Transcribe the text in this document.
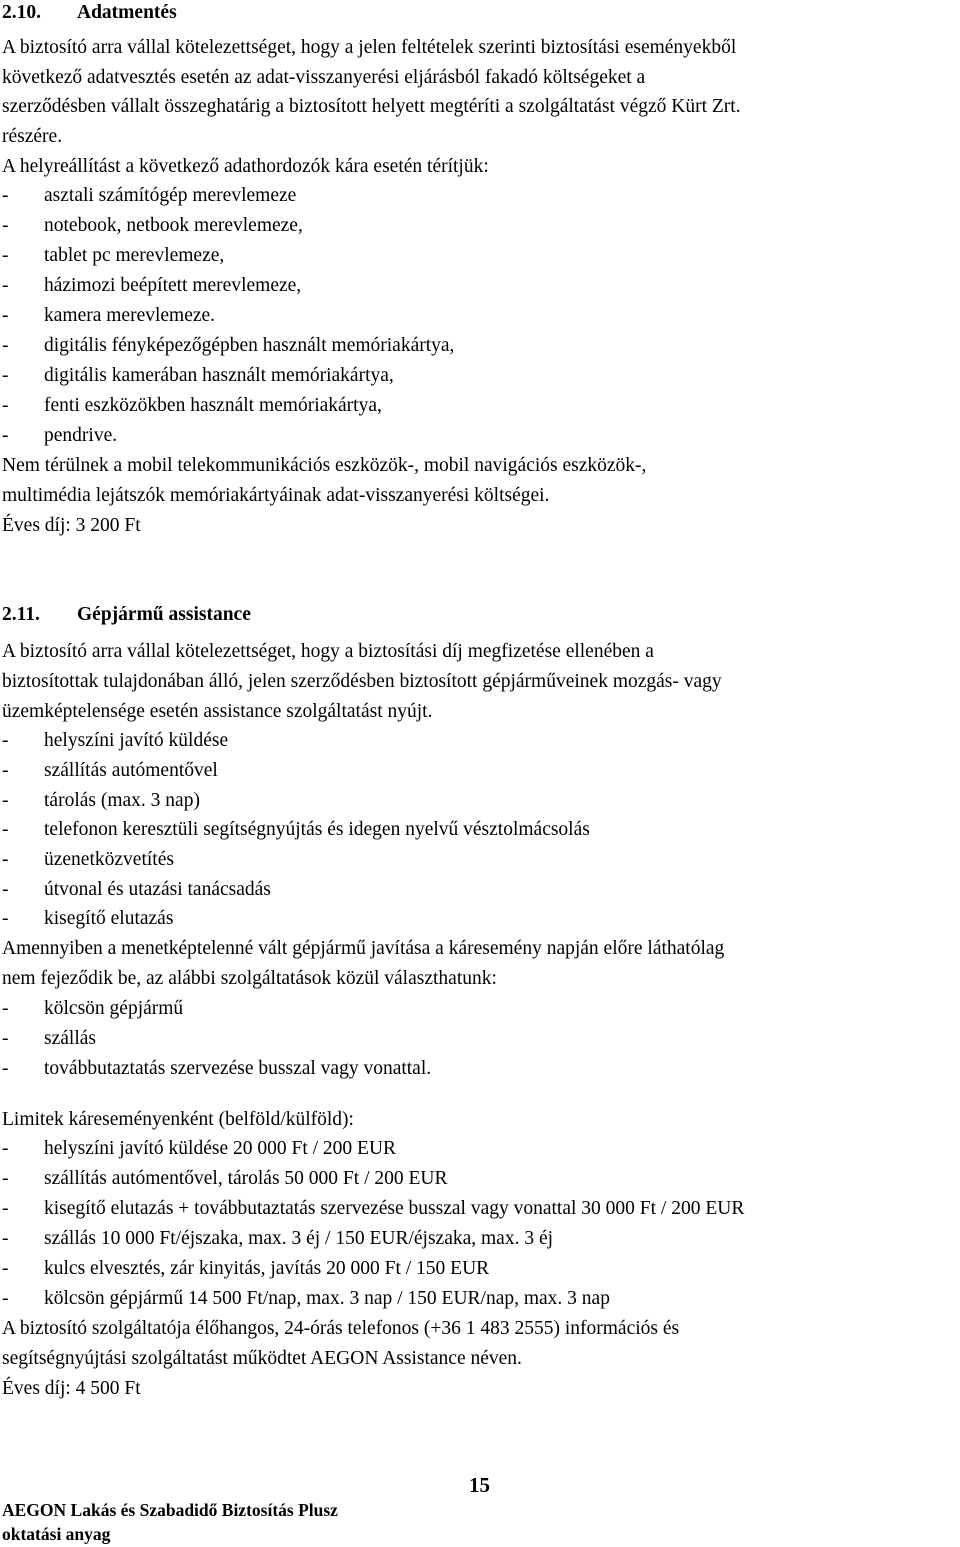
2.10. Adatmentés
A biztosító arra vállal kötelezettséget, hogy a jelen feltételek szerinti biztosítási eseményekből
következő adatvesztés esetén az adat-visszanyerési eljárásból fakadó költségeket a
szerződésben vállalt összeghatárig a biztosított helyett megtéríti a szolgáltatást végző Kürt Zrt.
részére.
A helyreállítást a következő adathordozók kára esetén térítjük:
- asztali számítógép merevlemeze
- notebook, netbook merevlemeze,
- tablet pc merevlemeze,
- házimozi beépített merevlemeze,
- kamera merevlemeze.
- digitális fényképezőgépben használt memóriakártya,
- digitális kamerában használt memóriakártya,
- fenti eszközökben használt memóriakártya,
- pendrive.
Nem térülnek a mobil telekommunikációs eszközök-, mobil navigációs eszközök-,
multimédia lejátszók memóriakártyáinak adat-visszanyerési költségei.
Éves díj: 3 200 Ft
2.11. Gépjármű assistance
A biztosító arra vállal kötelezettséget, hogy a biztosítási díj megfizetése ellenében a
biztosítottak tulajdonában álló, jelen szerződésben biztosított gépjárműveinek mozgás- vagy
üzemképtelensége esetén assistance szolgáltatást nyújt.
- helyszíni javító küldése
- szállítás autómentővel
- tárolás (max. 3 nap)
- telefonon keresztüli segítségnyújtás és idegen nyelvű vésztolmácsolás
- üzenetközvetítés
- útvonal és utazási tanácsadás
- kisegítő elutazás
Amennyiben a menetképtelenné vált gépjármű javítása a káresemény napján előre láthatólag
nem fejeződik be, az alábbi szolgáltatások közül választhatunk:
- kölcsön gépjármű
- szállás
- továbbutaztatás szervezése busszal vagy vonattal.
Limitek káreseményenként (belföld/külföld):
- helyszíni javító küldése 20 000 Ft / 200 EUR
- szállítás autómentővel, tárolás 50 000 Ft / 200 EUR
- kisegítő elutazás + továbbutaztatás szervezése busszal vagy vonattal 30 000 Ft / 200 EUR
- szállás 10 000 Ft/éjszaka, max. 3 éj / 150 EUR/éjszaka, max. 3 éj
- kulcs elvesztés, zár kinyitás, javítás 20 000 Ft / 150 EUR
- kölcsön gépjármű 14 500 Ft/nap, max. 3 nap / 150 EUR/nap, max. 3 nap
A biztosító szolgáltatója élőhangos, 24-órás telefonos (+36 1 483 2555) információs és
segítségnyújtási szolgáltatást működtet AEGON Assistance néven.
Éves díj: 4 500 Ft
15
AEGON Lakás és Szabadidő Biztosítás Plusz
oktatási anyag
